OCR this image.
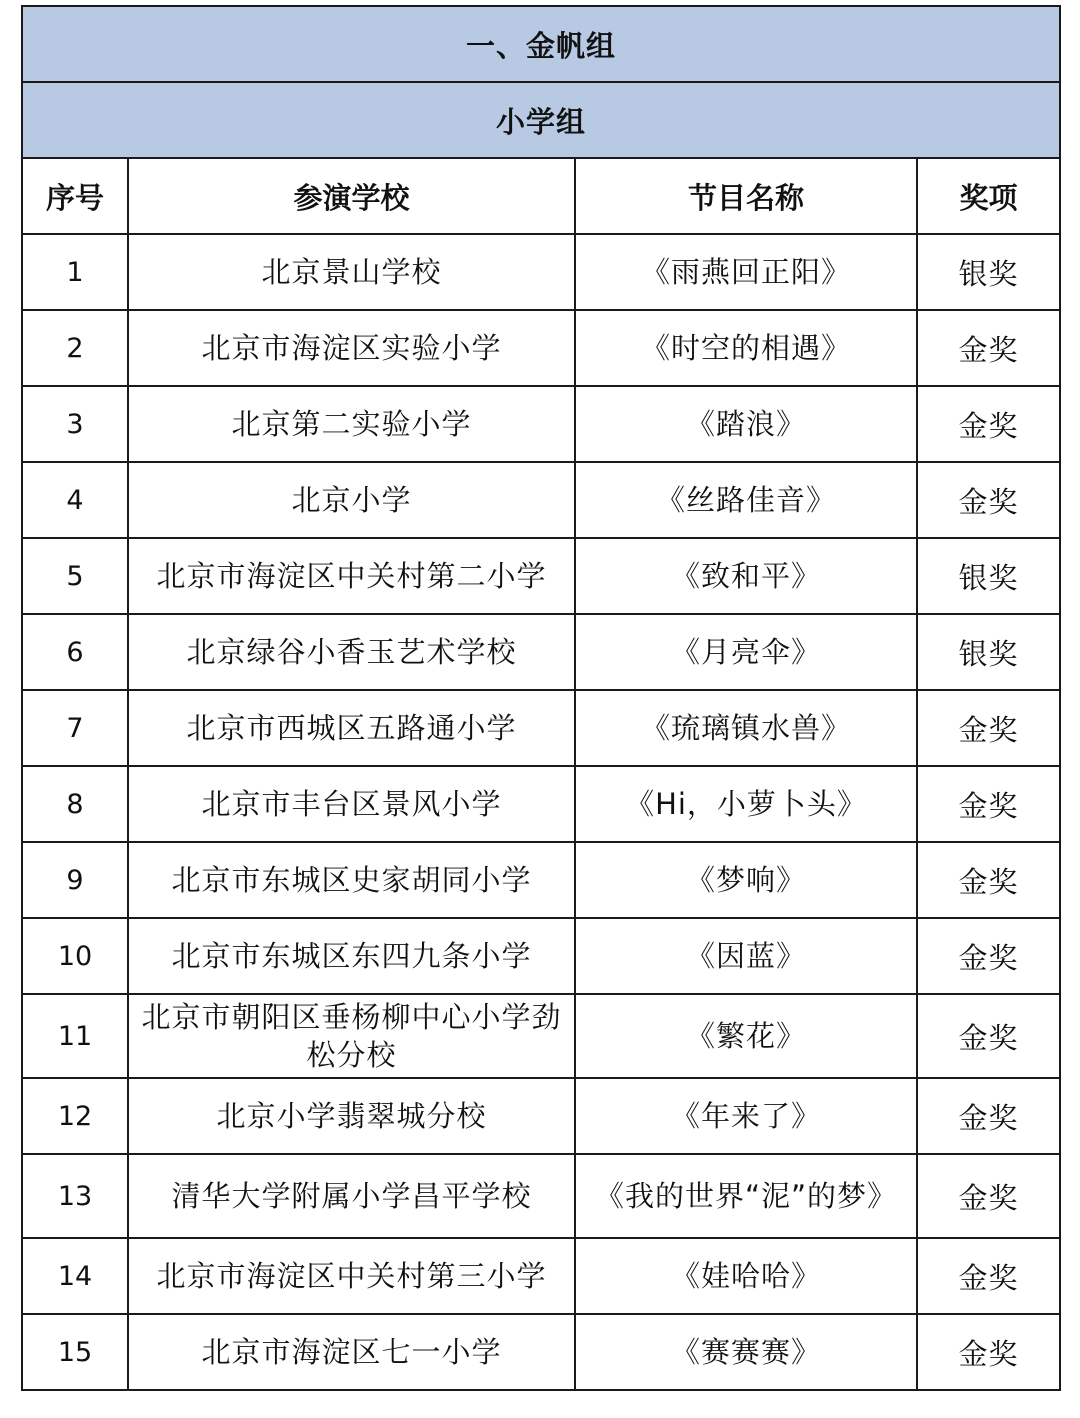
一、金帆组			
小学组			
序号	参演学校	节目名称	奖项
1	北京景山学校	《雨燕回正阳》	银奖
2	北京市海淀区实验小学	《时空的相遇》	金奖
3	北京第二实验小学	《踏浪》	金奖
4	北京小学	《丝路佳音》	金奖
5	北京市海淀区中关村第二小学	《致和平》	银奖
6	北京绿谷小香玉艺术学校	《月亮伞》	银奖
7	北京市西城区五路通小学	《琉璃镇水兽》	金奖
8	北京市丰台区景风小学	《Hi，小萝卜头》	金奖
9	北京市东城区史家胡同小学	《梦响》	金奖
10	北京市东城区东四九条小学	《因蓝》	金奖
11	北京市朝阳区垂杨柳中心小学劲松分校	《繁花》	金奖
12	北京小学翡翠城分校	《年来了》	金奖
13	清华大学附属小学昌平学校	《我的世界“泥”的梦》	金奖
14	北京市海淀区中关村第三小学	《娃哈哈》	金奖
15	北京市海淀区七一小学	《赛赛赛》	金奖
